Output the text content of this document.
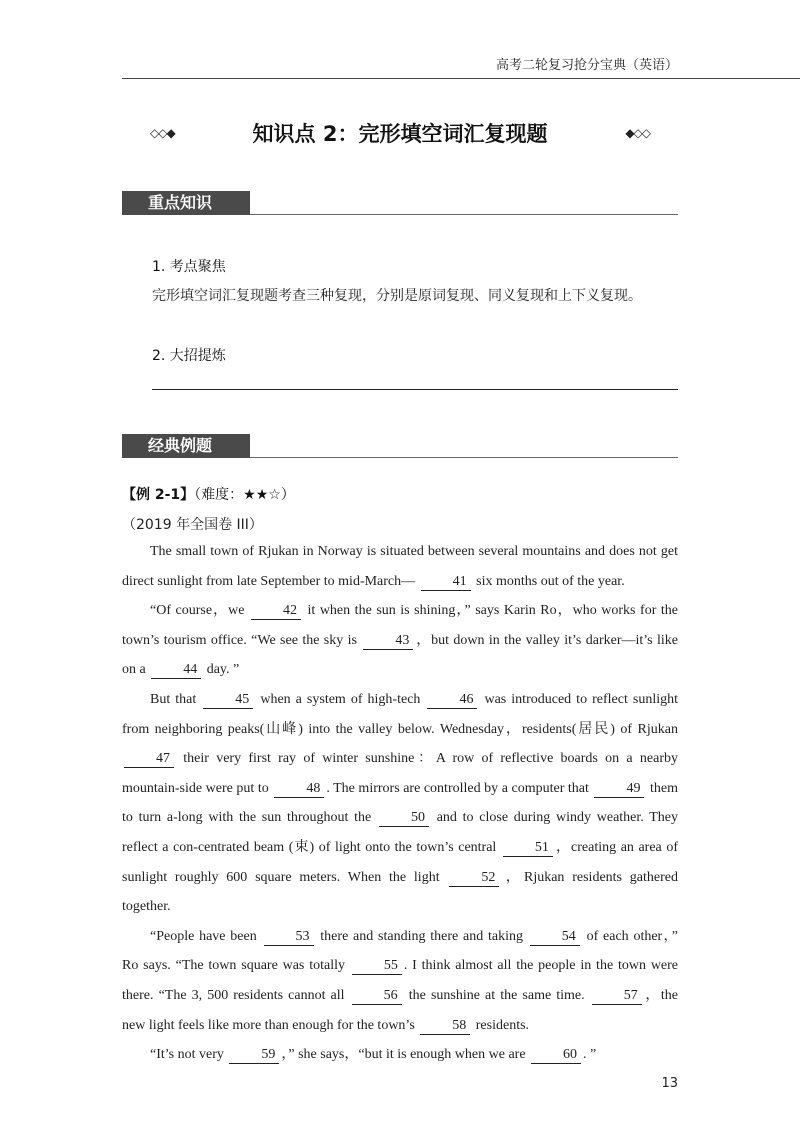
高考二轮复习抢分宝典（英语）
◇◇◆	知识点 2：完形填空词汇复现题	◆◇◇
重点知识
1. 考点聚焦
完形填空词汇复现题考查三种复现，分别是原词复现、同义复现和上下义复现。
2. 大招提炼
经典例题
【例 2-1】（难度：★★☆）
（2019 年全国卷 III）

The small town of Rjukan in Norway is situated between several mountains and does not get direct sunlight from late September to mid-March—	41 six months out of the year.

“Of course，we	42 it when the sun is shining，” says Karin Ro，who works for the town’s tourism office. “We see the sky is	43 ，but down in the valley it’s darker—it’s like on a	44 day. ”

But that	45 when a system of high-tech	46 was introduced to reflect sunlight from neighboring peaks(山峰) into the valley below. Wednesday，residents(居民) of Rjukan 47 their very first ray of winter sunshine：A row of reflective boards on a nearby mountain-side were put to	48 . The mirrors are controlled by a computer that	49 them to turn a-long with the sun throughout the	50 and to close during windy weather. They reflect a con-centrated beam (束) of light onto the town’s central	51 ，creating an area of sunlight roughly 600 square meters. When the light	52 ，Rjukan residents gathered together.

“People have been	53 there and standing there and taking	54 of each other，” Ro says. “The town square was totally	55 . I think almost all the people in the town were there. “The 3, 500 residents cannot all	56 the sunshine at the same time.	57 ，the new light feels like more than enough for the town’s	58 residents.

“It’s not very	59 ，” she says，“but it is enough when we are	60 . ”

13
